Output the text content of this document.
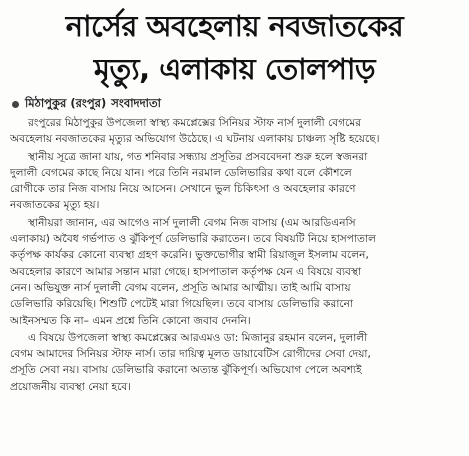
নার্সের অবহেলায় নবজাতকের
মৃত্যু, এলাকায় তোলপাড়
মিঠাপুকুর (রংপুর) সংবাদদাতা

রংপুরের মিঠাপুকুর উপজেলা স্বাস্থ্য কমপ্লেক্সের সিনিয়র স্টাফ নার্স দুলালী বেগমের
অবহেলায় নবজাতকের মৃত্যুর অভিযোগ উঠেছে। এ ঘটনায় এলাকায় চাঞ্চল্য সৃষ্টি হয়েছে।

স্থানীয় সূত্রে জানা যায়, গত শনিবার সন্ধ্যায় প্রসূতির প্রসববেদনা শুরু হলে স্বজনরা
দুলালী বেগমের কাছে নিয়ে যান। পরে তিনি নরমাল ডেলিভারির কথা বলে কৌশলে
রোগীকে তার নিজ বাসায় নিয়ে আসেন। সেখানে ভুল চিকিৎসা ও অবহেলার কারণে
নবজাতকের মৃত্যু হয়।

স্থানীয়রা জানান, এর আগেও নার্স দুলালী বেগম নিজ বাসায় (এম আরডিএনসি
এলাকায়) অবৈধ গর্ভপাত ও ঝুঁকিপূর্ণ ডেলিভারি করাতেন। তবে বিষয়টি নিয়ে হাসপাতাল
কর্তৃপক্ষ কার্যকর কোনো ব্যবস্থা গ্রহণ করেনি। ভুক্তভোগীর স্বামী রিয়াজুল ইসলাম বলেন,
অবহেলার কারণে আমার সন্তান মারা গেছে। হাসপাতাল কর্তৃপক্ষ যেন এ বিষয়ে ব্যবস্থা
নেন। অভিযুক্ত নার্স দুলালী বেগম বলেন, প্রসূতি আমার আত্মীয়। তাই আমি বাসায়
ডেলিভারি করিয়েছি। শিশুটি পেটেই মারা গিয়েছিল। তবে বাসায় ডেলিভারি করানো
আইনসম্মত কি না– এমন প্রশ্নে তিনি কোনো জবাব দেননি।

এ বিষয়ে উপজেলা স্বাস্থ্য কমপ্লেক্সের আরএমও ডা: মিজানুর রহমান বলেন, দুলালী
বেগম আমাদের সিনিয়র স্টাফ নার্স। তার দায়িত্ব মূলত ডায়াবেটিস রোগীদের সেবা দেয়া,
প্রসূতি সেবা নয়। বাসায় ডেলিভারি করানো অত্যন্ত ঝুঁকিপূর্ণ। অভিযোগ পেলে অবশ্যই
প্রয়োজনীয় ব্যবস্থা নেয়া হবে।
